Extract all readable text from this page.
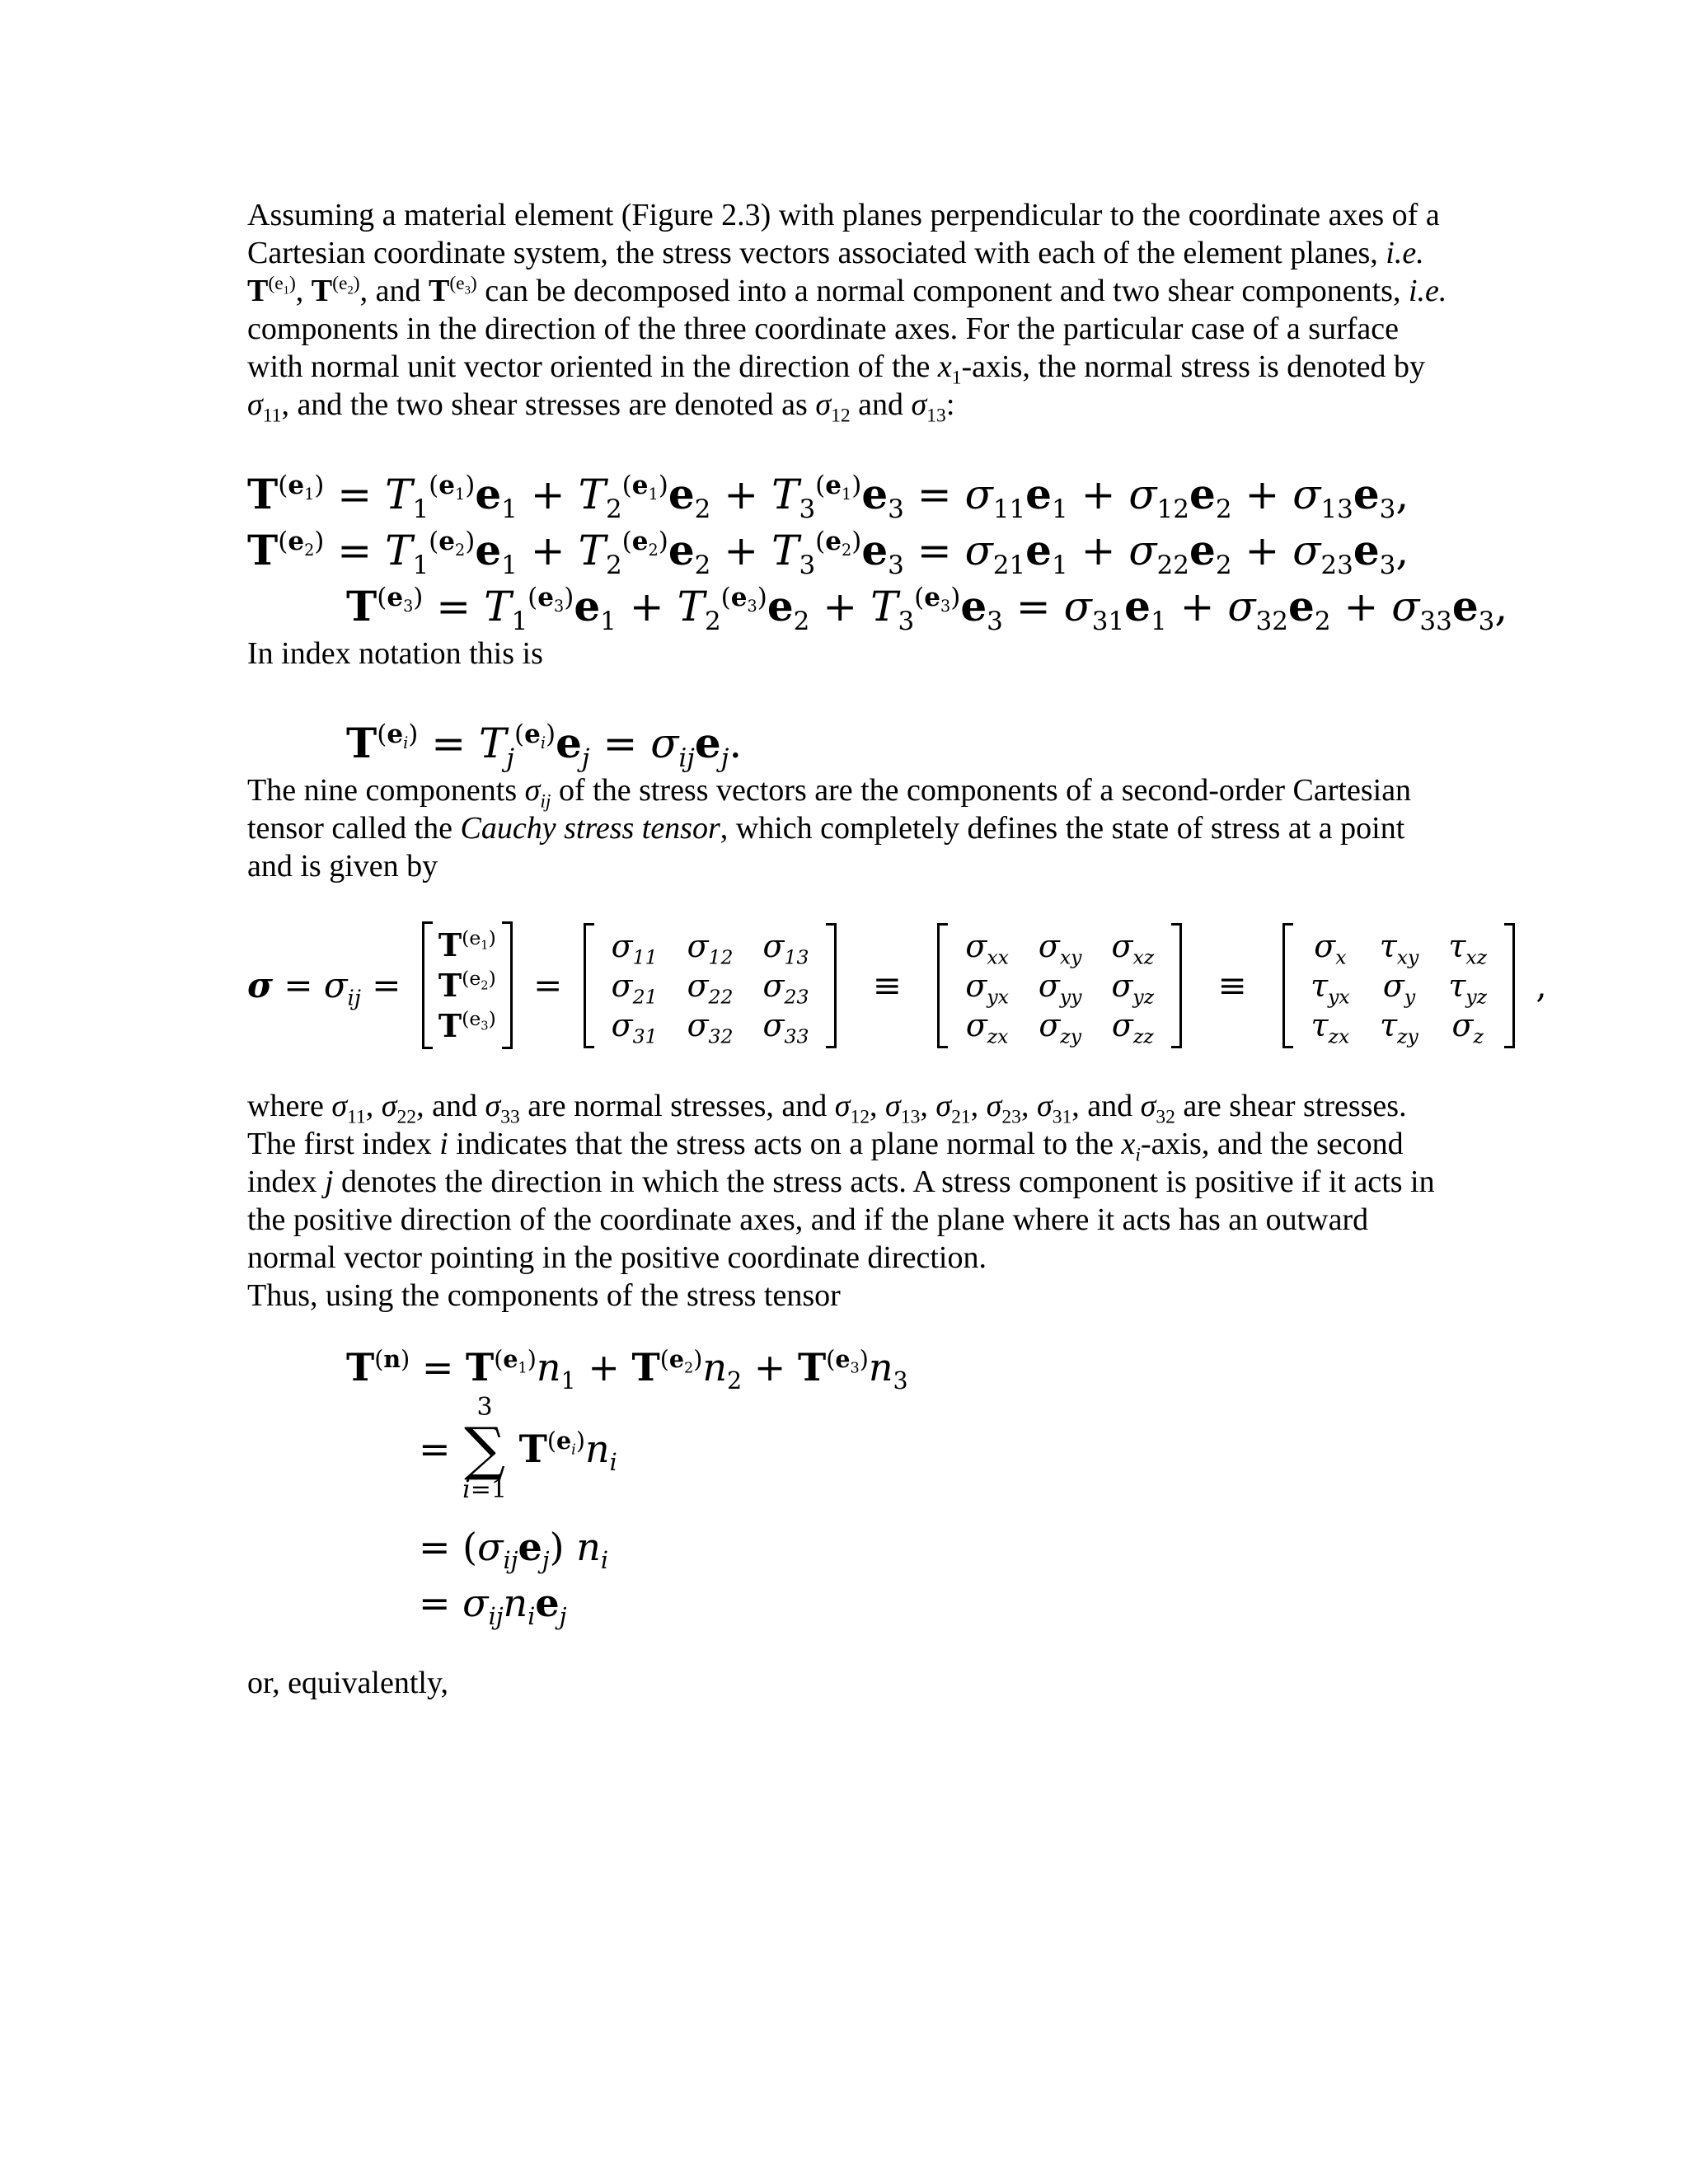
Assuming a material element (Figure 2.3) with planes perpendicular to the coordinate axes of a Cartesian coordinate system, the stress vectors associated with each of the element planes, i.e. $T^{(e_1)}$, $T^{(e_2)}$, and $T^{(e_3)}$ can be decomposed into a normal component and two shear components, i.e. components in the direction of the three coordinate axes. For the particular case of a surface with normal unit vector oriented in the direction of the $x_1$-axis, the normal stress is denoted by $\sigma_{11}$, and the two shear stresses are denoted as $\sigma_{12}$ and $\sigma_{13}$:

$T^{(e_1)} = T_1^{(e_1)}e_1 + T_2^{(e_1)}e_2 + T_3^{(e_1)}e_3 = \sigma_{11}e_1 + \sigma_{12}e_2 + \sigma_{13}e_3$,
$T^{(e_2)} = T_1^{(e_2)}e_1 + T_2^{(e_2)}e_2 + T_3^{(e_2)}e_3 = \sigma_{21}e_1 + \sigma_{22}e_2 + \sigma_{23}e_3$,
$T^{(e_3)} = T_1^{(e_3)}e_1 + T_2^{(e_3)}e_2 + T_3^{(e_3)}e_3 = \sigma_{31}e_1 + \sigma_{32}e_2 + \sigma_{33}e_3$,

In index notation this is

$T^{(e_i)} = T_j^{(e_i)}e_j = \sigma_{ij}e_j$.

The nine components $\sigma_{ij}$ of the stress vectors are the components of a second-order Cartesian tensor called the Cauchy stress tensor, which completely defines the state of stress at a point and is given by

$\sigma = \sigma_{ij}$ =
$T^{(e_1)}$
$T^{(e_2)}$
$T^{(e_3)}$
=
$\sigma_{11}$	$\sigma_{12}$	$\sigma_{13}$
$\sigma_{21}$	$\sigma_{22}$	$\sigma_{23}$
$\sigma_{31}$	$\sigma_{32}$	$\sigma_{33}$
≡
$\sigma_{xx}$	$\sigma_{xy}$	$\sigma_{xz}$
$\sigma_{yx}$	$\sigma_{yy}$	$\sigma_{yz}$
$\sigma_{zx}$	$\sigma_{zy}$	$\sigma_{zz}$
≡
$\sigma_x$	$\tau_{xy}$	$\tau_{xz}$
$\tau_{yx}$	$\sigma_y$	$\tau_{yz}$
$\tau_{zx}$	$\tau_{zy}$	$\sigma_z$
,

where $\sigma_{11}$, $\sigma_{22}$, and $\sigma_{33}$ are normal stresses, and $\sigma_{12}$, $\sigma_{13}$, $\sigma_{21}$, $\sigma_{23}$, $\sigma_{31}$, and $\sigma_{32}$ are shear stresses. The first index i indicates that the stress acts on a plane normal to the $x_i$-axis, and the second index j denotes the direction in which the stress acts. A stress component is positive if it acts in the positive direction of the coordinate axes, and if the plane where it acts has an outward normal vector pointing in the positive coordinate direction.

Thus, using the components of the stress tensor

$T^{(n)} = T^{(e_1)}n_1 + T^{(e_2)}n_2 + T^{(e_3)}n_3$
=
3
∑
i=1
$T^{(e_i)}n_i$
= $(\sigma_{ij}e_j)$ $n_i$
= $\sigma_{ij}n_ie_j$

or, equivalently,
